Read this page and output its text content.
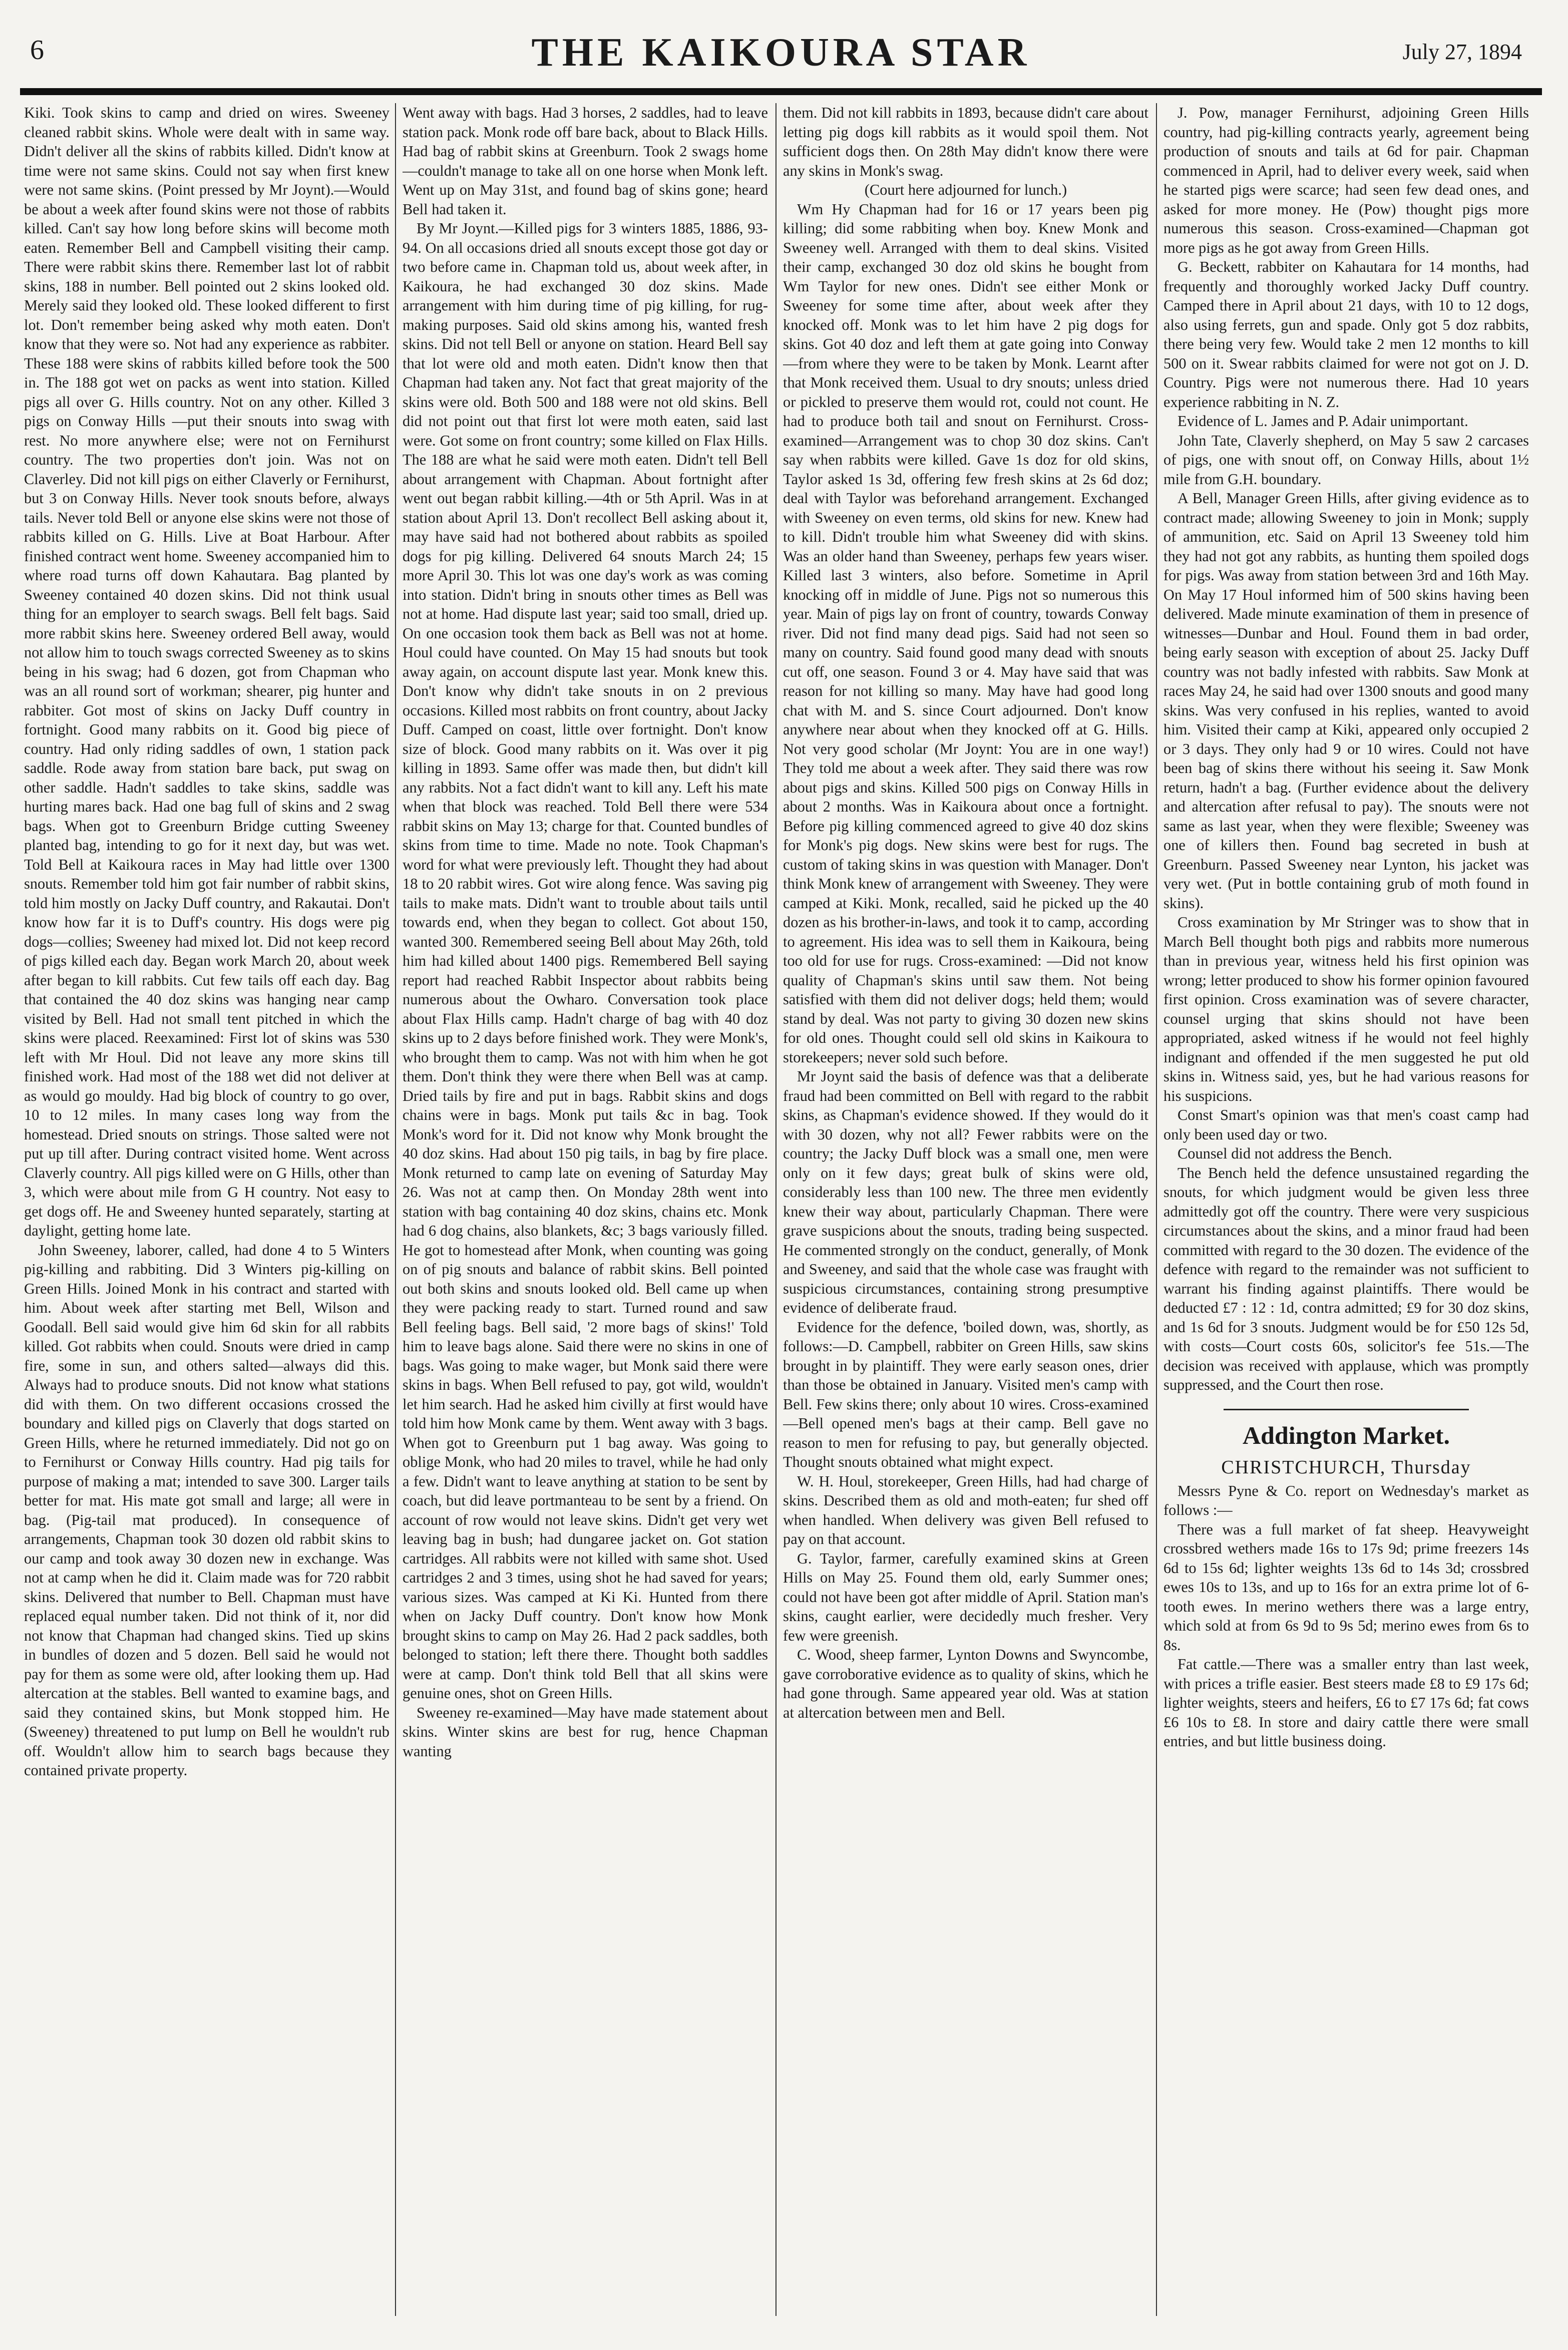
6	THE KAIKOURA STAR	July 27, 1894

Kiki. Took skins to camp and dried on wires. Sweeney cleaned rabbit skins. Whole were dealt with in same way. Didn't deliver all the skins of rabbits killed. Didn't know at time were not same skins. Could not say when first knew were not same skins. (Point pressed by Mr Joynt).—Would be about a week after found skins were not those of rabbits killed. Can't say how long before skins will become moth eaten. Remember Bell and Campbell visiting their camp. There were rabbit skins there. Remember last lot of rabbit skins, 188 in number. Bell pointed out 2 skins looked old. Merely said they looked old. These looked different to first lot. Don't remember being asked why moth eaten. Don't know that they were so. Not had any experience as rabbiter. These 188 were skins of rabbits killed before took the 500 in. The 188 got wet on packs as went into station. Killed pigs all over G. Hills country. Not on any other. Killed 3 pigs on Conway Hills —put their snouts into swag with rest. No more anywhere else; were not on Fernihurst country. The two properties don't join. Was not on Claverley. Did not kill pigs on either Claverly or Fernihurst, but 3 on Conway Hills. Never took snouts before, always tails. Never told Bell or anyone else skins were not those of rabbits killed on G. Hills. Live at Boat Harbour. After finished contract went home. Sweeney accompanied him to where road turns off down Kahautara. Bag planted by Sweeney contained 40 dozen skins. Did not think usual thing for an employer to search swags. Bell felt bags. Said more rabbit skins here. Sweeney ordered Bell away, would not allow him to touch swags corrected Sweeney as to skins being in his swag; had 6 dozen, got from Chapman who was an all round sort of workman; shearer, pig hunter and rabbiter. Got most of skins on Jacky Duff country in fortnight. Good many rabbits on it. Good big piece of country. Had only riding saddles of own, 1 station pack saddle. Rode away from station bare back, put swag on other saddle. Hadn't saddles to take skins, saddle was hurting mares back. Had one bag full of skins and 2 swag bags. When got to Greenburn Bridge cutting Sweeney planted bag, intending to go for it next day, but was wet. Told Bell at Kaikoura races in May had little over 1300 snouts. Remember told him got fair number of rabbit skins, told him mostly on Jacky Duff country, and Rakautai. Don't know how far it is to Duff's country. His dogs were pig dogs—collies; Sweeney had mixed lot. Did not keep record of pigs killed each day. Began work March 20, about week after began to kill rabbits. Cut few tails off each day. Bag that contained the 40 doz skins was hanging near camp visited by Bell. Had not small tent pitched in which the skins were placed. Reexamined: First lot of skins was 530 left with Mr Houl. Did not leave any more skins till finished work. Had most of the 188 wet did not deliver at as would go mouldy. Had big block of country to go over, 10 to 12 miles. In many cases long way from the homestead. Dried snouts on strings. Those salted were not put up till after. During contract visited home. Went across Claverly country. All pigs killed were on G Hills, other than 3, which were about mile from G H country. Not easy to get dogs off. He and Sweeney hunted separately, starting at daylight, getting home late.

John Sweeney, laborer, called, had done 4 to 5 Winters pig-killing and rabbiting. Did 3 Winters pig-killing on Green Hills. Joined Monk in his contract and started with him. About week after starting met Bell, Wilson and Goodall. Bell said would give him 6d skin for all rabbits killed. Got rabbits when could. Snouts were dried in camp fire, some in sun, and others salted—always did this. Always had to produce snouts. Did not know what stations did with them. On two different occasions crossed the boundary and killed pigs on Claverly that dogs started on Green Hills, where he returned immediately. Did not go on to Fernihurst or Conway Hills country. Had pig tails for purpose of making a mat; intended to save 300. Larger tails better for mat. His mate got small and large; all were in bag. (Pig-tail mat produced). In consequence of arrangements, Chapman took 30 dozen old rabbit skins to our camp and took away 30 dozen new in exchange. Was not at camp when he did it. Claim made was for 720 rabbit skins. Delivered that number to Bell. Chapman must have replaced equal number taken. Did not think of it, nor did not know that Chapman had changed skins. Tied up skins in bundles of dozen and 5 dozen. Bell said he would not pay for them as some were old, after looking them up. Had altercation at the stables. Bell wanted to examine bags, and said they contained skins, but Monk stopped him. He (Sweeney) threatened to put lump on Bell he wouldn't rub off. Wouldn't allow him to search bags because they contained private property.

Went away with bags. Had 3 horses, 2 saddles, had to leave station pack. Monk rode off bare back, about to Black Hills. Had bag of rabbit skins at Greenburn. Took 2 swags home—couldn't manage to take all on one horse when Monk left. Went up on May 31st, and found bag of skins gone; heard Bell had taken it.

By Mr Joynt.—Killed pigs for 3 winters 1885, 1886, 93-94. On all occasions dried all snouts except those got day or two before came in. Chapman told us, about week after, in Kaikoura, he had exchanged 30 doz skins. Made arrangement with him during time of pig killing, for rug-making purposes. Said old skins among his, wanted fresh skins. Did not tell Bell or anyone on station. Heard Bell say that lot were old and moth eaten. Didn't know then that Chapman had taken any. Not fact that great majority of the skins were old. Both 500 and 188 were not old skins. Bell did not point out that first lot were moth eaten, said last were. Got some on front country; some killed on Flax Hills. The 188 are what he said were moth eaten. Didn't tell Bell about arrangement with Chapman. About fortnight after went out began rabbit killing.—4th or 5th April. Was in at station about April 13. Don't recollect Bell asking about it, may have said had not bothered about rabbits as spoiled dogs for pig killing. Delivered 64 snouts March 24; 15 more April 30. This lot was one day's work as was coming into station. Didn't bring in snouts other times as Bell was not at home. Had dispute last year; said too small, dried up. On one occasion took them back as Bell was not at home. Houl could have counted. On May 15 had snouts but took away again, on account dispute last year. Monk knew this. Don't know why didn't take snouts in on 2 previous occasions. Killed most rabbits on front country, about Jacky Duff. Camped on coast, little over fortnight. Don't know size of block. Good many rabbits on it. Was over it pig killing in 1893. Same offer was made then, but didn't kill any rabbits. Not a fact didn't want to kill any. Left his mate when that block was reached. Told Bell there were 534 rabbit skins on May 13; charge for that. Counted bundles of skins from time to time. Made no note. Took Chapman's word for what were previously left. Thought they had about 18 to 20 rabbit wires. Got wire along fence. Was saving pig tails to make mats. Didn't want to trouble about tails until towards end, when they began to collect. Got about 150, wanted 300. Remembered seeing Bell about May 26th, told him had killed about 1400 pigs. Remembered Bell saying report had reached Rabbit Inspector about rabbits being numerous about the Owharo. Conversation took place about Flax Hills camp. Hadn't charge of bag with 40 doz skins up to 2 days before finished work. They were Monk's, who brought them to camp. Was not with him when he got them. Don't think they were there when Bell was at camp. Dried tails by fire and put in bags. Rabbit skins and dogs chains were in bags. Monk put tails &c in bag. Took Monk's word for it. Did not know why Monk brought the 40 doz skins. Had about 150 pig tails, in bag by fire place. Monk returned to camp late on evening of Saturday May 26. Was not at camp then. On Monday 28th went into station with bag containing 40 doz skins, chains etc. Monk had 6 dog chains, also blankets, &c; 3 bags variously filled. He got to homestead after Monk, when counting was going on of pig snouts and balance of rabbit skins. Bell pointed out both skins and snouts looked old. Bell came up when they were packing ready to start. Turned round and saw Bell feeling bags. Bell said, '2 more bags of skins!' Told him to leave bags alone. Said there were no skins in one of bags. Was going to make wager, but Monk said there were skins in bags. When Bell refused to pay, got wild, wouldn't let him search. Had he asked him civilly at first would have told him how Monk came by them. Went away with 3 bags. When got to Greenburn put 1 bag away. Was going to oblige Monk, who had 20 miles to travel, while he had only a few. Didn't want to leave anything at station to be sent by coach, but did leave portmanteau to be sent by a friend. On account of row would not leave skins. Didn't get very wet leaving bag in bush; had dungaree jacket on. Got station cartridges. All rabbits were not killed with same shot. Used cartridges 2 and 3 times, using shot he had saved for years; various sizes. Was camped at Ki Ki. Hunted from there when on Jacky Duff country. Don't know how Monk brought skins to camp on May 26. Had 2 pack saddles, both belonged to station; left there there. Thought both saddles were at camp. Don't think told Bell that all skins were genuine ones, shot on Green Hills.

Sweeney re-examined—May have made statement about skins. Winter skins are best for rug, hence Chapman wanting

them. Did not kill rabbits in 1893, because didn't care about letting pig dogs kill rabbits as it would spoil them. Not sufficient dogs then. On 28th May didn't know there were any skins in Monk's swag.

(Court here adjourned for lunch.)

Wm Hy Chapman had for 16 or 17 years been pig killing; did some rabbiting when boy. Knew Monk and Sweeney well. Arranged with them to deal skins. Visited their camp, exchanged 30 doz old skins he bought from Wm Taylor for new ones. Didn't see either Monk or Sweeney for some time after, about week after they knocked off. Monk was to let him have 2 pig dogs for skins. Got 40 doz and left them at gate going into Conway—from where they were to be taken by Monk. Learnt after that Monk received them. Usual to dry snouts; unless dried or pickled to preserve them would rot, could not count. He had to produce both tail and snout on Fernihurst. Cross-examined—Arrangement was to chop 30 doz skins. Can't say when rabbits were killed. Gave 1s doz for old skins, Taylor asked 1s 3d, offering few fresh skins at 2s 6d doz; deal with Taylor was beforehand arrangement. Exchanged with Sweeney on even terms, old skins for new. Knew had to kill. Didn't trouble him what Sweeney did with skins. Was an older hand than Sweeney, perhaps few years wiser. Killed last 3 winters, also before. Sometime in April knocking off in middle of June. Pigs not so numerous this year. Main of pigs lay on front of country, towards Conway river. Did not find many dead pigs. Said had not seen so many on country. Said found good many dead with snouts cut off, one season. Found 3 or 4. May have said that was reason for not killing so many. May have had good long chat with M. and S. since Court adjourned. Don't know anywhere near about when they knocked off at G. Hills. Not very good scholar (Mr Joynt: You are in one way!) They told me about a week after. They said there was row about pigs and skins. Killed 500 pigs on Conway Hills in about 2 months. Was in Kaikoura about once a fortnight. Before pig killing commenced agreed to give 40 doz skins for Monk's pig dogs. New skins were best for rugs. The custom of taking skins in was question with Manager. Don't think Monk knew of arrangement with Sweeney. They were camped at Kiki. Monk, recalled, said he picked up the 40 dozen as his brother-in-laws, and took it to camp, according to agreement. His idea was to sell them in Kaikoura, being too old for use for rugs. Cross-examined: —Did not know quality of Chapman's skins until saw them. Not being satisfied with them did not deliver dogs; held them; would stand by deal. Was not party to giving 30 dozen new skins for old ones. Thought could sell old skins in Kaikoura to storekeepers; never sold such before.

Mr Joynt said the basis of defence was that a deliberate fraud had been committed on Bell with regard to the rabbit skins, as Chapman's evidence showed. If they would do it with 30 dozen, why not all? Fewer rabbits were on the country; the Jacky Duff block was a small one, men were only on it few days; great bulk of skins were old, considerably less than 100 new. The three men evidently knew their way about, particularly Chapman. There were grave suspicions about the snouts, trading being suspected. He commented strongly on the conduct, generally, of Monk and Sweeney, and said that the whole case was fraught with suspicious circumstances, containing strong presumptive evidence of deliberate fraud.

Evidence for the defence, 'boiled down, was, shortly, as follows:—D. Campbell, rabbiter on Green Hills, saw skins brought in by plaintiff. They were early season ones, drier than those be obtained in January. Visited men's camp with Bell. Few skins there; only about 10 wires. Cross-examined—Bell opened men's bags at their camp. Bell gave no reason to men for refusing to pay, but generally objected. Thought snouts obtained what might expect.

W. H. Houl, storekeeper, Green Hills, had had charge of skins. Described them as old and moth-eaten; fur shed off when handled. When delivery was given Bell refused to pay on that account.

G. Taylor, farmer, carefully examined skins at Green Hills on May 25. Found them old, early Summer ones; could not have been got after middle of April. Station man's skins, caught earlier, were decidedly much fresher. Very few were greenish.

C. Wood, sheep farmer, Lynton Downs and Swyncombe, gave corroborative evidence as to quality of skins, which he had gone through. Same appeared year old. Was at station at altercation between men and Bell.

J. Pow, manager Fernihurst, adjoining Green Hills country, had pig-killing contracts yearly, agreement being production of snouts and tails at 6d for pair. Chapman commenced in April, had to deliver every week, said when he started pigs were scarce; had seen few dead ones, and asked for more money. He (Pow) thought pigs more numerous this season. Cross-examined—Chapman got more pigs as he got away from Green Hills.

G. Beckett, rabbiter on Kahautara for 14 months, had frequently and thoroughly worked Jacky Duff country. Camped there in April about 21 days, with 10 to 12 dogs, also using ferrets, gun and spade. Only got 5 doz rabbits, there being very few. Would take 2 men 12 months to kill 500 on it. Swear rabbits claimed for were not got on J. D. Country. Pigs were not numerous there. Had 10 years experience rabbiting in N. Z.

Evidence of L. James and P. Adair unimportant.

John Tate, Claverly shepherd, on May 5 saw 2 carcases of pigs, one with snout off, on Conway Hills, about 1½ mile from G.H. boundary.

A Bell, Manager Green Hills, after giving evidence as to contract made; allowing Sweeney to join in Monk; supply of ammunition, etc. Said on April 13 Sweeney told him they had not got any rabbits, as hunting them spoiled dogs for pigs. Was away from station between 3rd and 16th May. On May 17 Houl informed him of 500 skins having been delivered. Made minute examination of them in presence of witnesses—Dunbar and Houl. Found them in bad order, being early season with exception of about 25. Jacky Duff country was not badly infested with rabbits. Saw Monk at races May 24, he said had over 1300 snouts and good many skins. Was very confused in his replies, wanted to avoid him. Visited their camp at Kiki, appeared only occupied 2 or 3 days. They only had 9 or 10 wires. Could not have been bag of skins there without his seeing it. Saw Monk return, hadn't a bag. (Further evidence about the delivery and altercation after refusal to pay). The snouts were not same as last year, when they were flexible; Sweeney was one of killers then. Found bag secreted in bush at Greenburn. Passed Sweeney near Lynton, his jacket was very wet. (Put in bottle containing grub of moth found in skins).

Cross examination by Mr Stringer was to show that in March Bell thought both pigs and rabbits more numerous than in previous year, witness held his first opinion was wrong; letter produced to show his former opinion favoured first opinion. Cross examination was of severe character, counsel urging that skins should not have been appropriated, asked witness if he would not feel highly indignant and offended if the men suggested he put old skins in. Witness said, yes, but he had various reasons for his suspicions.

Const Smart's opinion was that men's coast camp had only been used day or two.

Counsel did not address the Bench.

The Bench held the defence unsustained regarding the snouts, for which judgment would be given less three admittedly got off the country. There were very suspicious circumstances about the skins, and a minor fraud had been committed with regard to the 30 dozen. The evidence of the defence with regard to the remainder was not sufficient to warrant his finding against plaintiffs. There would be deducted £7 : 12 : 1d, contra admitted; £9 for 30 doz skins, and 1s 6d for 3 snouts. Judgment would be for £50 12s 5d, with costs—Court costs 60s, solicitor's fee 51s.—The decision was received with applause, which was promptly suppressed, and the Court then rose.

Addington Market.
CHRISTCHURCH, Thursday

Messrs Pyne & Co. report on Wednesday's market as follows :—

There was a full market of fat sheep. Heavyweight crossbred wethers made 16s to 17s 9d; prime freezers 14s 6d to 15s 6d; lighter weights 13s 6d to 14s 3d; crossbred ewes 10s to 13s, and up to 16s for an extra prime lot of 6-tooth ewes. In merino wethers there was a large entry, which sold at from 6s 9d to 9s 5d; merino ewes from 6s to 8s.

Fat cattle.—There was a smaller entry than last week, with prices a trifle easier. Best steers made £8 to £9 17s 6d; lighter weights, steers and heifers, £6 to £7 17s 6d; fat cows £6 10s to £8. In store and dairy cattle there were small entries, and but little business doing.
